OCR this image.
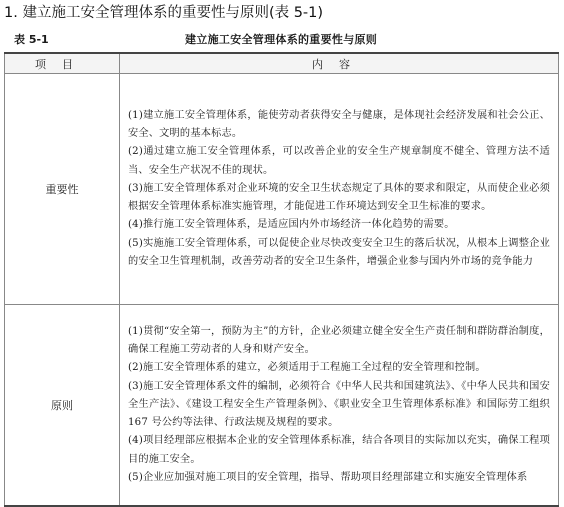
1. 建立施工安全管理体系的重要性与原则(表 5-1)
表 5-1	建立施工安全管理体系的重要性与原则
项目	内容
重要性	(1)建立施工安全管理体系，能使劳动者获得安全与健康，是体现社会经济发展和社会公正、安全、文明的基本标志。
(2)通过建立施工安全管理体系，可以改善企业的安全生产规章制度不健全、管理方法不适当、安全生产状况不佳的现状。
(3)施工安全管理体系对企业环境的安全卫生状态规定了具体的要求和限定，从而使企业必须根据安全管理体系标准实施管理，才能促进工作环境达到安全卫生标准的要求。
(4)推行施工安全管理体系，是适应国内外市场经济一体化趋势的需要。
(5)实施施工安全管理体系，可以促使企业尽快改变安全卫生的落后状况，从根本上调整企业的安全卫生管理机制，改善劳动者的安全卫生条件，增强企业参与国内外市场的竞争能力

原则	(1)贯彻“安全第一，预防为主”的方针，企业必须建立健全安全生产责任制和群防群治制度，确保工程施工劳动者的人身和财产安全。
(2)施工安全管理体系的建立，必须适用于工程施工全过程的安全管理和控制。
(3)施工安全管理体系文件的编制，必须符合《中华人民共和国建筑法》、《中华人民共和国安全生产法》、《建设工程安全生产管理条例》、《职业安全卫生管理体系标准》和国际劳工组织 167 号公约等法律、行政法规及规程的要求。
(4)项目经理部应根据本企业的安全管理体系标准，结合各项目的实际加以充实，确保工程项目的施工安全。
(5)企业应加强对施工项目的安全管理，指导、帮助项目经理部建立和实施安全管理体系
